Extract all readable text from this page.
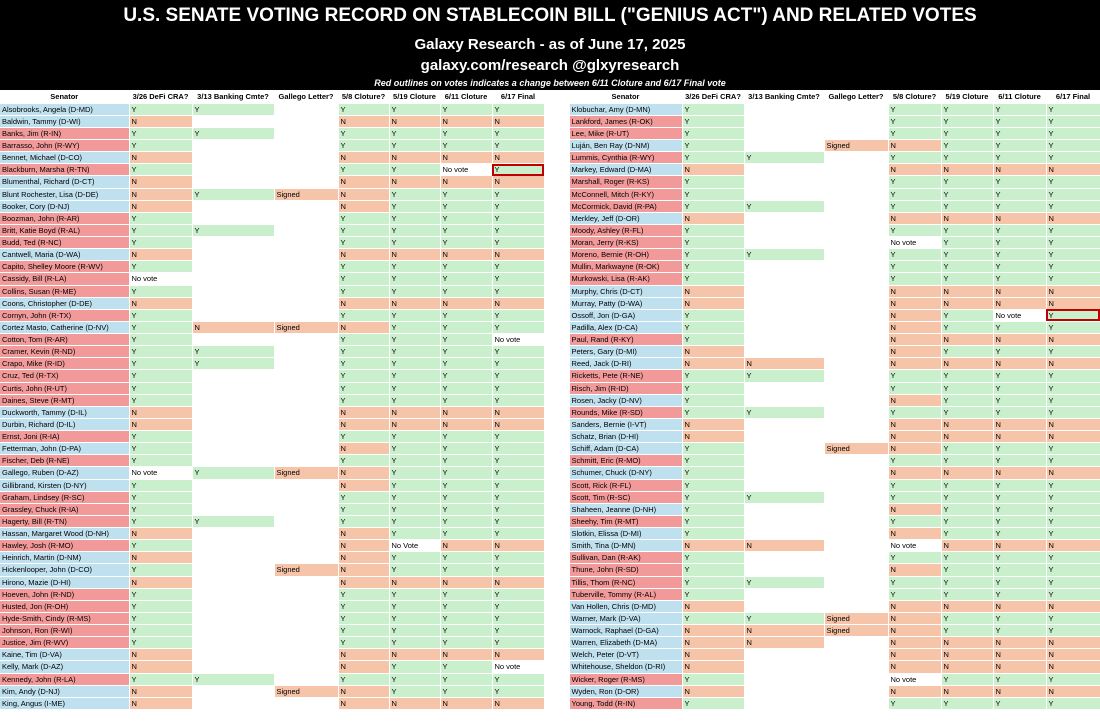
U.S. SENATE VOTING RECORD ON STABLECOIN BILL ("GENIUS ACT") AND RELATED VOTES
Galaxy Research - as of June 17, 2025
galaxy.com/research @glxyresearch
Red outlines on votes indicates a change between 6/11 Cloture and 6/17 Final vote
Senator	3/26 DeFi CRA?	3/13 Banking Cmte?	Gallego Letter?	5/8 Cloture?	5/19 Cloture	6/11 Cloture	6/17 Final		Senator	3/26 DeFi CRA?	3/13 Banking Cmte?	Gallego Letter?	5/8 Cloture?	5/19 Cloture	6/11 Cloture	6/17 Final
Alsobrooks, Angela (D-MD)	Y	Y		Y	Y	Y	Y		Klobuchar, Amy (D-MN)	Y			Y	Y	Y	Y
Baldwin, Tammy (D-WI)	N			N	N	N	N		Lankford, James (R-OK)	Y			Y	Y	Y	Y
Banks, Jim (R-IN)	Y	Y		Y	Y	Y	Y		Lee, Mike (R-UT)	Y			Y	Y	Y	Y
Barrasso, John (R-WY)	Y			Y	Y	Y	Y		Luján, Ben Ray (D-NM)	Y		Signed	N	Y	Y	Y
Bennet, Michael (D-CO)	N			N	N	N	N		Lummis, Cynthia (R-WY)	Y	Y		Y	Y	Y	Y
Blackburn, Marsha (R-TN)	Y			Y	Y	No vote	Y		Markey, Edward (D-MA)	N			N	N	N	N
Blumenthal, Richard (D-CT)	N			N	N	N	N		Marshall, Roger (R-KS)	Y			Y	Y	Y	Y
Blunt Rochester, Lisa (D-DE)	N	Y	Signed	N	Y	Y	Y		McConnell, Mitch (R-KY)	Y			Y	Y	Y	Y
Booker, Cory (D-NJ)	N			N	Y	Y	Y		McCormick, David (R-PA)	Y	Y		Y	Y	Y	Y
Boozman, John (R-AR)	Y			Y	Y	Y	Y		Merkley, Jeff (D-OR)	N			N	N	N	N
Britt, Katie Boyd (R-AL)	Y	Y		Y	Y	Y	Y		Moody, Ashley (R-FL)	Y			Y	Y	Y	Y
Budd, Ted (R-NC)	Y			Y	Y	Y	Y		Moran, Jerry (R-KS)	Y			No vote	Y	Y	Y
Cantwell, Maria (D-WA)	N			N	N	N	N		Moreno, Bernie (R-OH)	Y	Y		Y	Y	Y	Y
Capito, Shelley Moore (R-WV)	Y			Y	Y	Y	Y		Mullin, Markwayne (R-OK)	Y			Y	Y	Y	Y
Cassidy, Bill (R-LA)	No vote			Y	Y	Y	Y		Murkowski, Lisa (R-AK)	Y			Y	Y	Y	Y
Collins, Susan (R-ME)	Y			Y	Y	Y	Y		Murphy, Chris (D-CT)	N			N	N	N	N
Coons, Christopher (D-DE)	N			N	N	N	N		Murray, Patty (D-WA)	N			N	N	N	N
Cornyn, John (R-TX)	Y			Y	Y	Y	Y		Ossoff, Jon (D-GA)	Y			N	Y	No vote	Y
Cortez Masto, Catherine (D-NV)	Y	N	Signed	N	Y	Y	Y		Padilla, Alex (D-CA)	Y			N	Y	Y	Y
Cotton, Tom (R-AR)	Y			Y	Y	Y	No vote		Paul, Rand (R-KY)	Y			N	N	N	N
Cramer, Kevin (R-ND)	Y	Y		Y	Y	Y	Y		Peters, Gary (D-MI)	N			N	Y	Y	Y
Crapo, Mike (R-ID)	Y	Y		Y	Y	Y	Y		Reed, Jack (D-RI)	N	N		N	N	N	N
Cruz, Ted (R-TX)	Y			Y	Y	Y	Y		Ricketts, Pete (R-NE)	Y	Y		Y	Y	Y	Y
Curtis, John (R-UT)	Y			Y	Y	Y	Y		Risch, Jim (R-ID)	Y			Y	Y	Y	Y
Daines, Steve (R-MT)	Y			Y	Y	Y	Y		Rosen, Jacky (D-NV)	Y			N	Y	Y	Y
Duckworth, Tammy (D-IL)	N			N	N	N	N		Rounds, Mike (R-SD)	Y	Y		Y	Y	Y	Y
Durbin, Richard (D-IL)	N			N	N	N	N		Sanders, Bernie (I-VT)	N			N	N	N	N
Ernst, Joni (R-IA)	Y			Y	Y	Y	Y		Schatz, Brian (D-HI)	N			N	N	N	N
Fetterman, John (D-PA)	Y			N	Y	Y	Y		Schiff, Adam (D-CA)	Y		Signed	N	Y	Y	Y
Fischer, Deb (R-NE)	Y			Y	Y	Y	Y		Schmitt, Eric (R-MO)	Y			Y	Y	Y	Y
Gallego, Ruben (D-AZ)	No vote	Y	Signed	N	Y	Y	Y		Schumer, Chuck (D-NY)	Y			N	N	N	N
Gillibrand, Kirsten (D-NY)	Y			N	Y	Y	Y		Scott, Rick (R-FL)	Y			Y	Y	Y	Y
Graham, Lindsey (R-SC)	Y			Y	Y	Y	Y		Scott, Tim (R-SC)	Y	Y		Y	Y	Y	Y
Grassley, Chuck (R-IA)	Y			Y	Y	Y	Y		Shaheen, Jeanne (D-NH)	Y			N	Y	Y	Y
Hagerty, Bill (R-TN)	Y	Y		Y	Y	Y	Y		Sheehy, Tim (R-MT)	Y			Y	Y	Y	Y
Hassan, Margaret Wood (D-NH)	N			N	Y	Y	Y		Slotkin, Elissa (D-MI)	Y			N	Y	Y	Y
Hawley, Josh (R-MO)	Y			N	No Vote	N	N		Smith, Tina (D-MN)	N	N		No vote	N	N	N
Heinrich, Martin (D-NM)	N			N	Y	Y	Y		Sullivan, Dan (R-AK)	Y			Y	Y	Y	Y
Hickenlooper, John (D-CO)	Y		Signed	N	Y	Y	Y		Thune, John (R-SD)	Y			N	Y	Y	Y
Hirono, Mazie (D-HI)	N			N	N	N	N		Tillis, Thom (R-NC)	Y	Y		Y	Y	Y	Y
Hoeven, John (R-ND)	Y			Y	Y	Y	Y		Tuberville, Tommy (R-AL)	Y			Y	Y	Y	Y
Husted, Jon (R-OH)	Y			Y	Y	Y	Y		Van Hollen, Chris (D-MD)	N			N	N	N	N
Hyde-Smith, Cindy (R-MS)	Y			Y	Y	Y	Y		Warner, Mark (D-VA)	Y	Y	Signed	N	Y	Y	Y
Johnson, Ron (R-WI)	Y			Y	Y	Y	Y		Warnock, Raphael (D-GA)	N	N	Signed	N	Y	Y	Y
Justice, Jim (R-WV)	Y			Y	Y	Y	Y		Warren, Elizabeth (D-MA)	N	N		N	N	N	N
Kaine, Tim (D-VA)	N			N	N	N	N		Welch, Peter (D-VT)	N			N	N	N	N
Kelly, Mark (D-AZ)	N			N	Y	Y	No vote		Whitehouse, Sheldon (D-RI)	N			N	N	N	N
Kennedy, John (R-LA)	Y	Y		Y	Y	Y	Y		Wicker, Roger (R-MS)	Y			No vote	Y	Y	Y
Kim, Andy (D-NJ)	N		Signed	N	Y	Y	Y		Wyden, Ron (D-OR)	N			N	N	N	N
King, Angus (I-ME)	N			N	N	N	N		Young, Todd (R-IN)	Y			Y	Y	Y	Y
